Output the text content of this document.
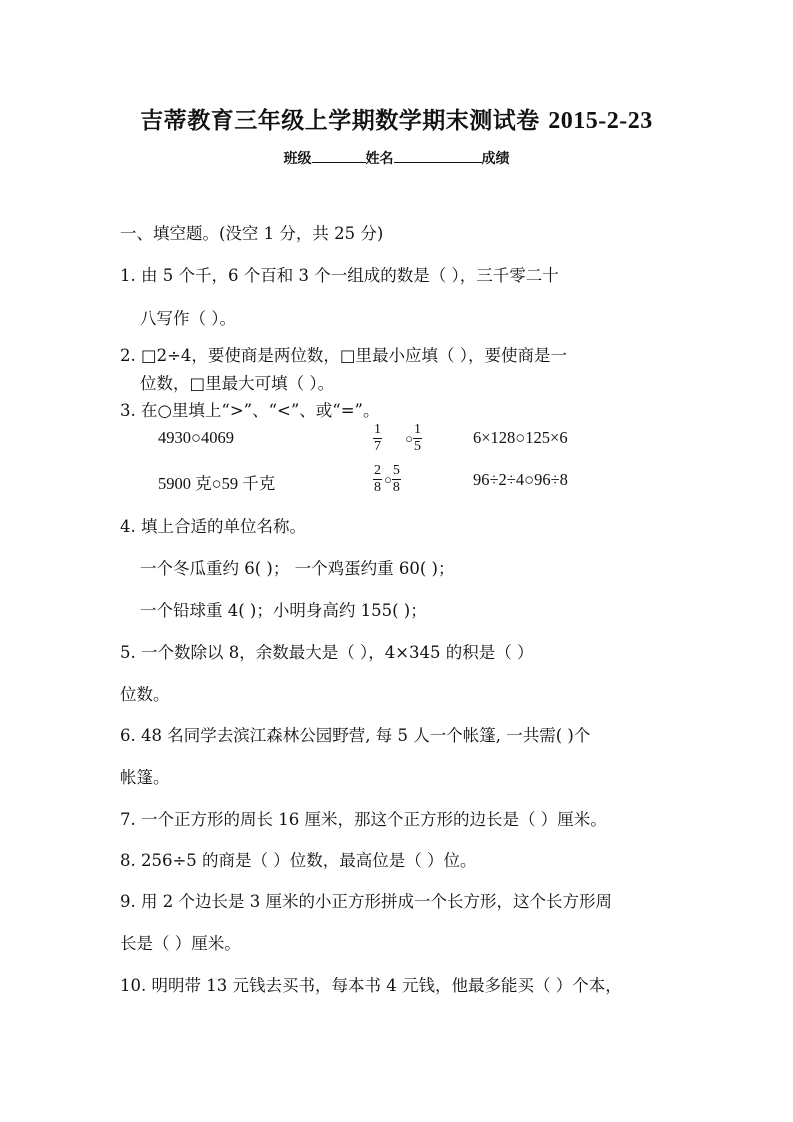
吉蒂教育三年级上学期数学期末测试卷 2015-2-23
班级	姓名	成绩
一、填空题。(没空 1 分，共 25 分)
1. 由 5 个千，6 个百和 3 个一组成的数是（ ），三千零二十
八写作（ ）。
2. □2÷4，要使商是两位数，□里最小应填（ ），要使商是一
位数，□里最大可填（ ）。
3. 在○里填上“>”、“<”、或“=”。
4930○4069	$\frac{1}{7}$ ○ $\frac{1}{5}$	6×128○125×6
5900 克○59 千克	$\frac{2}{8}$ ○ $\frac{5}{8}$	96÷2÷4○96÷8
4. 填上合适的单位名称。
一个冬瓜重约 6( )； 一个鸡蛋约重 60( )；
一个铅球重 4( )；小明身高约 155( )；
5. 一个数除以 8，余数最大是（ ），4×345 的积是（ ）
位数。
6. 48 名同学去滨江森林公园野营, 每 5 人一个帐篷, 一共需( )个
帐篷。
7. 一个正方形的周长 16 厘米，那这个正方形的边长是（ ）厘米。
8. 256÷5 的商是（ ）位数，最高位是（ ）位。
9. 用 2 个边长是 3 厘米的小正方形拼成一个长方形，这个长方形周
长是（ ）厘米。
10. 明明带 13 元钱去买书，每本书 4 元钱，他最多能买（ ）个本，
